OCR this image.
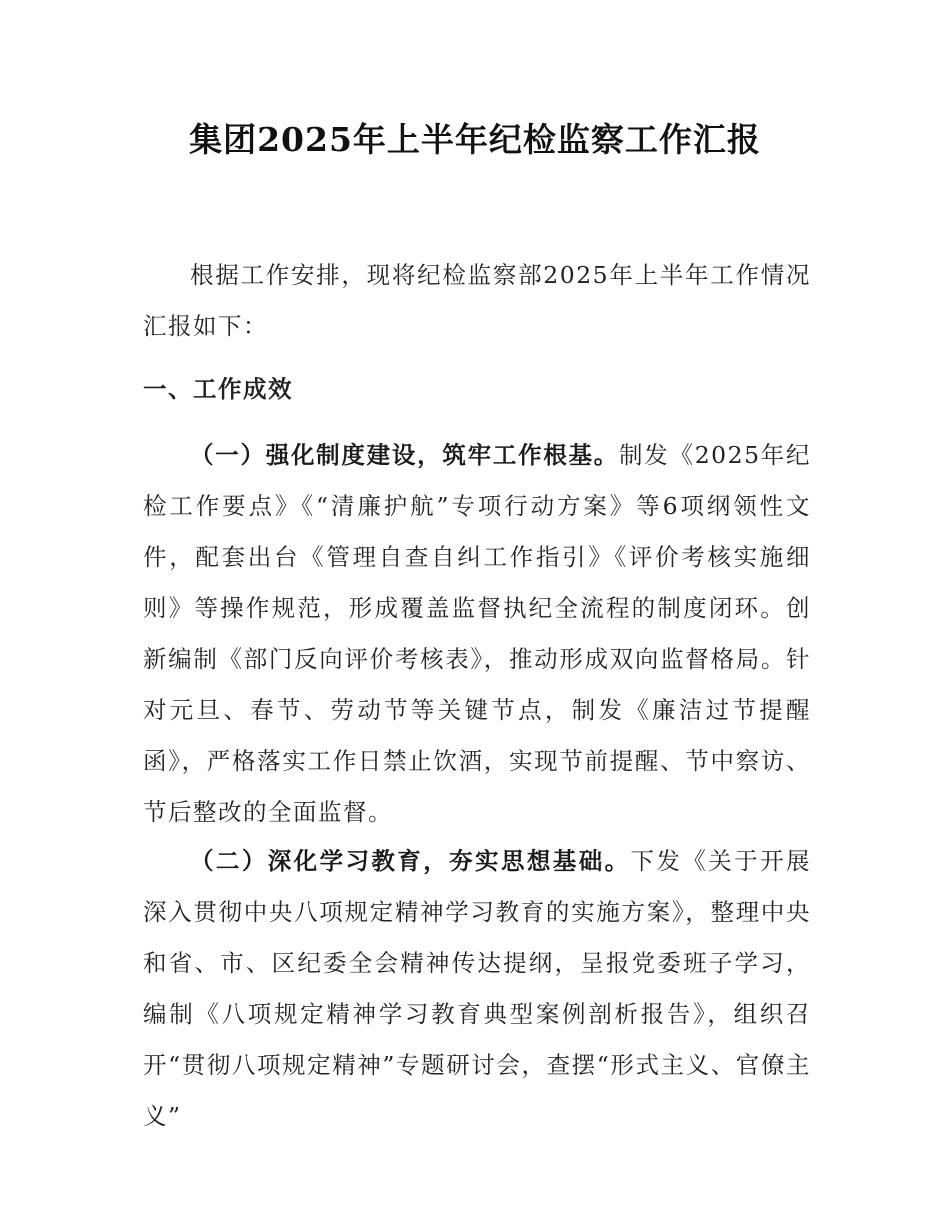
集团2025年上半年纪检监察工作汇报

根据工作安排，现将纪检监察部2025年上半年工作情况汇报如下：

一、工作成效

（一）强化制度建设，筑牢工作根基。制发《2025年纪检工作要点》《“清廉护航”专项行动方案》等6项纲领性文件，配套出台《管理自查自纠工作指引》《评价考核实施细则》等操作规范，形成覆盖监督执纪全流程的制度闭环。创新编制《部门反向评价考核表》，推动形成双向监督格局。针对元旦、春节、劳动节等关键节点，制发《廉洁过节提醒函》，严格落实工作日禁止饮酒，实现节前提醒、节中察访、节后整改的全面监督。

（二）深化学习教育，夯实思想基础。下发《关于开展深入贯彻中央八项规定精神学习教育的实施方案》，整理中央和省、市、区纪委全会精神传达提纲，呈报党委班子学习，编制《八项规定精神学习教育典型案例剖析报告》，组织召开“贯彻八项规定精神”专题研讨会，查摆“形式主义、官僚主义”
